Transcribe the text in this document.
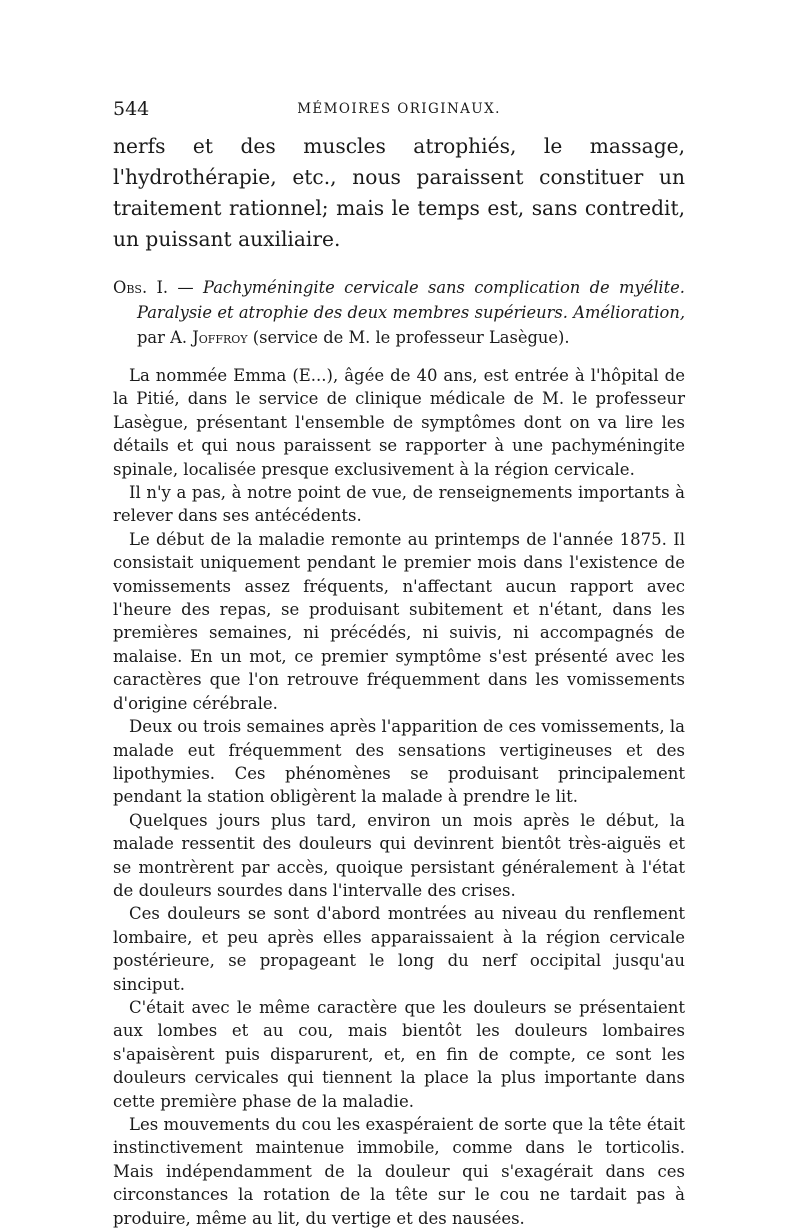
544	MÉMOIRES ORIGINAUX.

nerfs et des muscles atrophiés, le massage, l'hydrothérapie, etc., nous paraissent constituer un traitement rationnel; mais le temps est, sans contredit, un puissant auxiliaire.

Obs. I. — Pachyméningite cervicale sans complication de myélite. Paralysie et atrophie des deux membres supérieurs. Amélioration, par A. Joffroy (service de M. le professeur Lasègue).

La nommée Emma (E...), âgée de 40 ans, est entrée à l'hôpital de la Pitié, dans le service de clinique médicale de M. le professeur Lasègue, présentant l'ensemble de symptômes dont on va lire les détails et qui nous paraissent se rapporter à une pachyméningite spinale, localisée presque exclusivement à la région cervicale.

Il n'y a pas, à notre point de vue, de renseignements importants à relever dans ses antécédents.

Le début de la maladie remonte au printemps de l'année 1875. Il consistait uniquement pendant le premier mois dans l'existence de vomissements assez fréquents, n'affectant aucun rapport avec l'heure des repas, se produisant subitement et n'étant, dans les premières semaines, ni précédés, ni suivis, ni accompagnés de malaise. En un mot, ce premier symptôme s'est présenté avec les caractères que l'on retrouve fréquemment dans les vomissements d'origine cérébrale.

Deux ou trois semaines après l'apparition de ces vomissements, la malade eut fréquemment des sensations vertigineuses et des lipothymies. Ces phénomènes se produisant principalement pendant la station obligèrent la malade à prendre le lit.

Quelques jours plus tard, environ un mois après le début, la malade ressentit des douleurs qui devinrent bientôt très-aiguës et se montrèrent par accès, quoique persistant généralement à l'état de douleurs sourdes dans l'intervalle des crises.

Ces douleurs se sont d'abord montrées au niveau du renflement lombaire, et peu après elles apparaissaient à la région cervicale postérieure, se propageant le long du nerf occipital jusqu'au sinciput.

C'était avec le même caractère que les douleurs se présentaient aux lombes et au cou, mais bientôt les douleurs lombaires s'apaisèrent puis disparurent, et, en fin de compte, ce sont les douleurs cervicales qui tiennent la place la plus importante dans cette première phase de la maladie.

Les mouvements du cou les exaspéraient de sorte que la tête était instinctivement maintenue immobile, comme dans le torticolis. Mais indépendamment de la douleur qui s'exagérait dans ces circonstances la rotation de la tête sur le cou ne tardait pas à produire, même au lit, du vertige et des nausées.
